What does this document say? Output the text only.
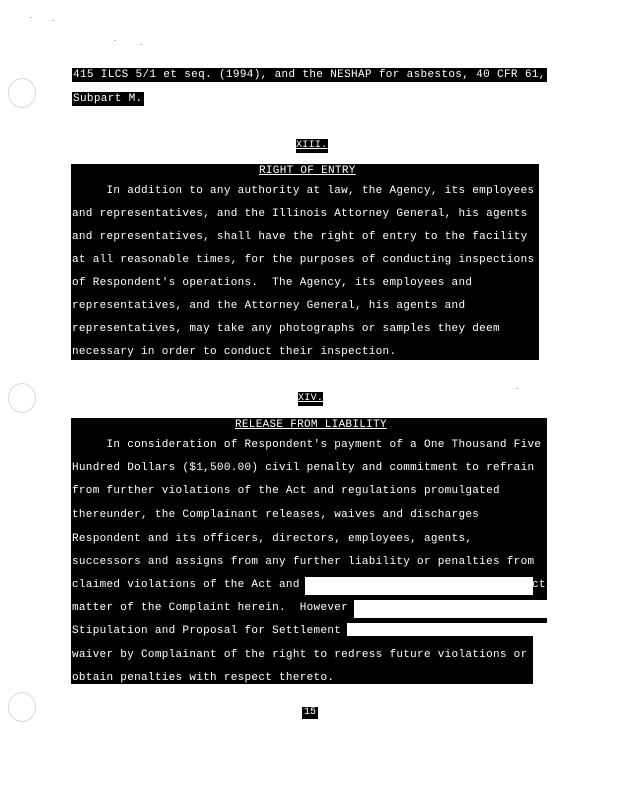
415 ILCS 5/1 et seq. (1994), and the NESHAP for asbestos, 40 CFR 61,
Subpart M.
XIII.
RIGHT OF ENTRY
In addition to any authority at law, the Agency, its employees
and representatives, and the Illinois Attorney General, his agents
and representatives, shall have the right of entry to the facility
at all reasonable times, for the purposes of conducting inspections
of Respondent's operations.  The Agency, its employees and
representatives, and the Attorney General, his agents and
representatives, may take any photographs or samples they deem
necessary in order to conduct their inspection.
XIV.
RELEASE FROM LIABILITY
In consideration of Respondent's payment of a One Thousand Five
Hundred Dollars ($1,500.00) civil penalty and commitment to refrain
from further violations of the Act and regulations promulgated
thereunder, the Complainant releases, waives and discharges
Respondent and its officers, directors, employees, agents,
successors and assigns from any further liability or penalties from
claimed violations of the Act and	ct
matter of the Complaint herein.  However
Stipulation and Proposal for Settlement
waiver by Complainant of the right to redress future violations or
obtain penalties with respect thereto.
15
